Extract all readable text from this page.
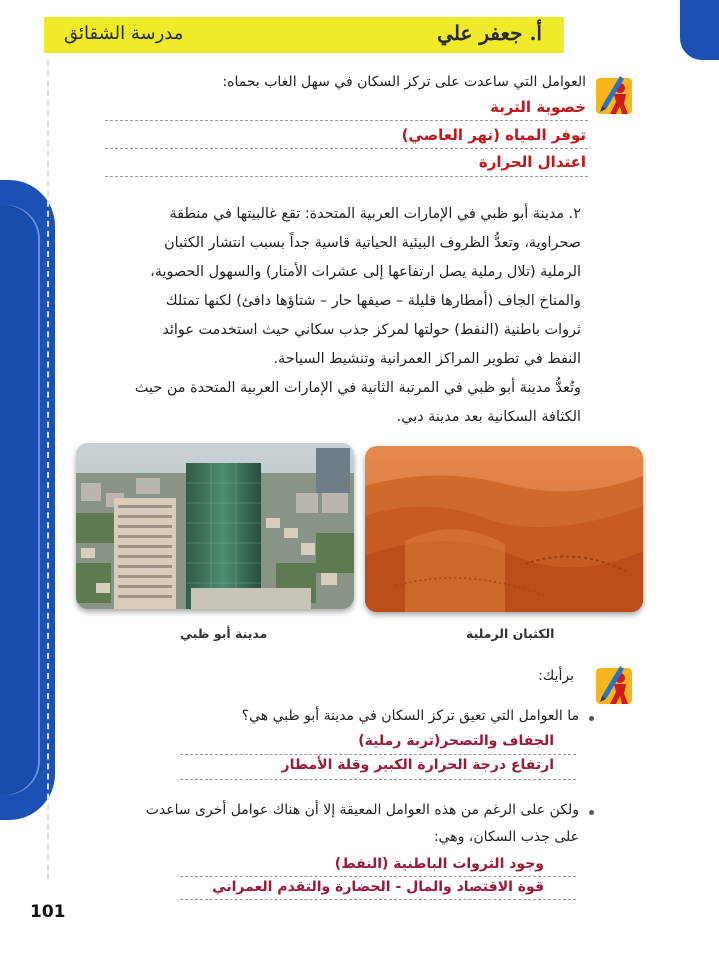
مدرسة الشقائق	أ. جعفر علي
العوامل التي ساعدت على تركز السكان في سهل الغاب بحماه:
خصوبة التربة
توفر المياه (نهر العاصي)
اعتدال الحرارة
٢. مدينة أبو ظبي في الإمارات العربية المتحدة: تقع غالبيتها في منطقة
صحراوية، وتعدُّ الظروف البيئية الحياتية قاسية جداً بسبب انتشار الكثبان
الرملية (تلال رملية يصل ارتفاعها إلى عشرات الأمتار) والسهول الحصوية،
والمناخ الجاف (أمطارها قليلة – صيفها حار – شتاؤها دافئ) لكنها تمتلك
ثروات باطنية (النفط) حولتها لمركز جذب سكاني حيث استخدمت عوائد
النفط في تطوير المراكز العمرانية وتنشيط السياحة.
وتُعدُّ مدينة أبو ظبي في المرتبة الثانية في الإمارات العربية المتحدة من حيث
الكثافة السكانية بعد مدينة دبي.
مدينة أبو ظبي	الكثبان الرملية
برأيك:
ما العوامل التي تعيق تركز السكان في مدينة أبو ظبي هي؟
الجفاف والتصحر(تربة رملية)
ارتفاع درجة الحرارة الكبير وقلة الأمطار
ولكن على الرغم من هذه العوامل المعيقة إلا أن هناك عوامل أخرى ساعدت
على جذب السكان، وهي:
وجود الثروات الباطنية (النفط)
قوة الاقتصاد والمال - الحضارة والتقدم العمراني
101
